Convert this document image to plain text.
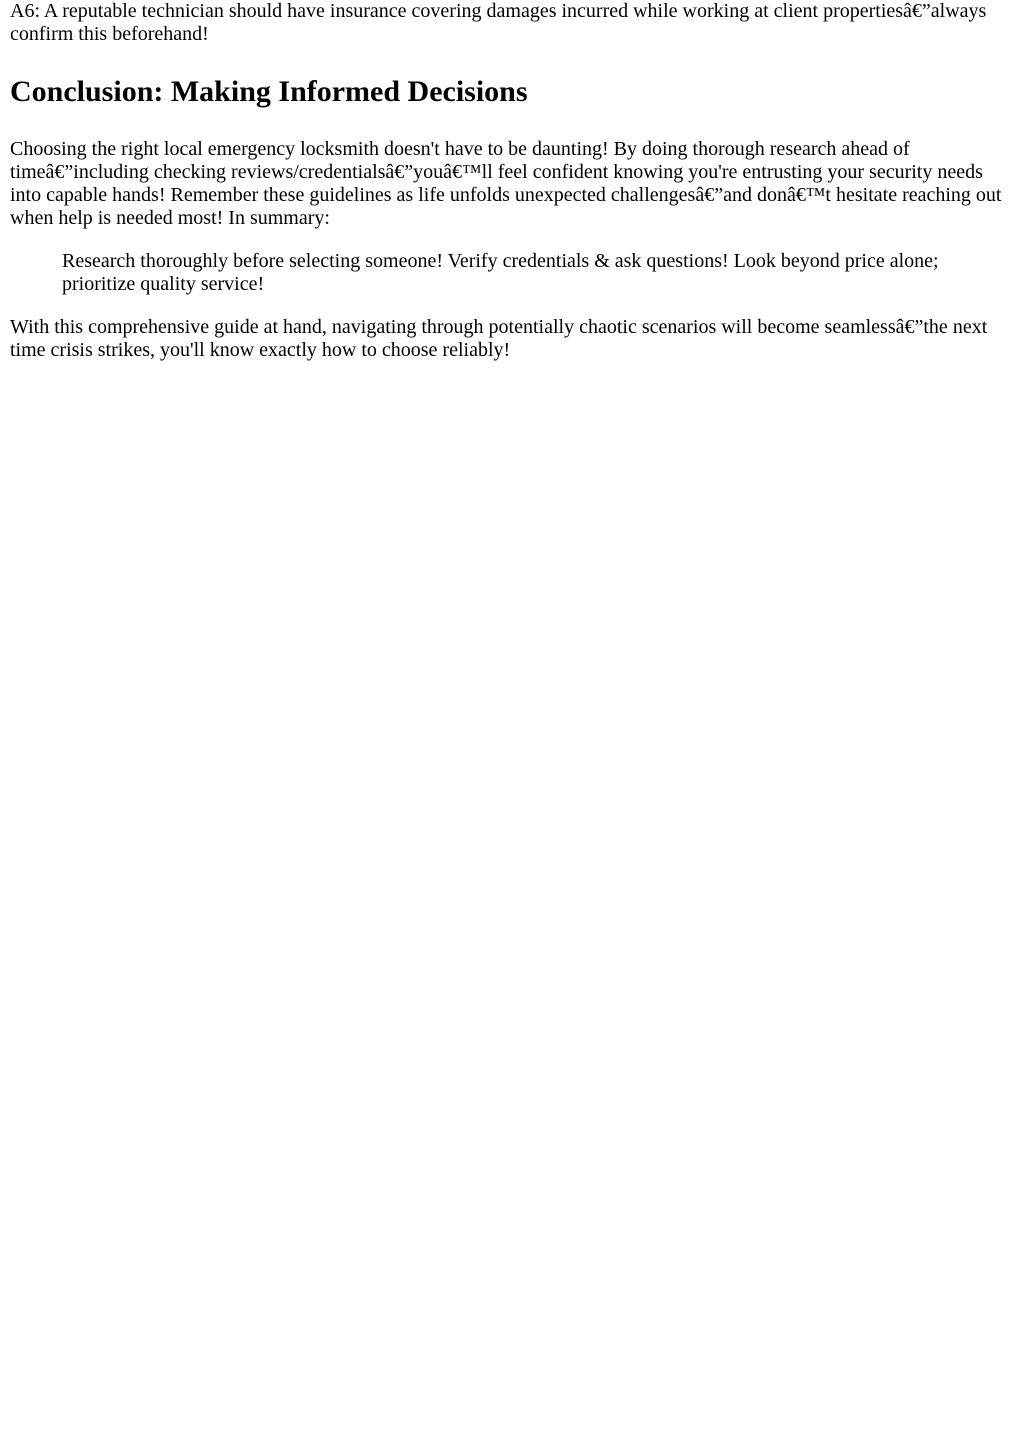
A6: A reputable technician should have insurance covering damages incurred while working at client propertiesâ€”always confirm this beforehand!

Conclusion: Making Informed Decisions

Choosing the right local emergency locksmith doesn't have to be daunting! By doing thorough research ahead of timeâ€”including checking reviews/credentialsâ€”youâ€™ll feel confident knowing you're entrusting your security needs into capable hands! Remember these guidelines as life unfolds unexpected challengesâ€”and donâ€™t hesitate reaching out when help is needed most! In summary:

Research thoroughly before selecting someone! Verify credentials & ask questions! Look beyond price alone; prioritize quality service!

With this comprehensive guide at hand, navigating through potentially chaotic scenarios will become seamlessâ€”the next time crisis strikes, you'll know exactly how to choose reliably!
